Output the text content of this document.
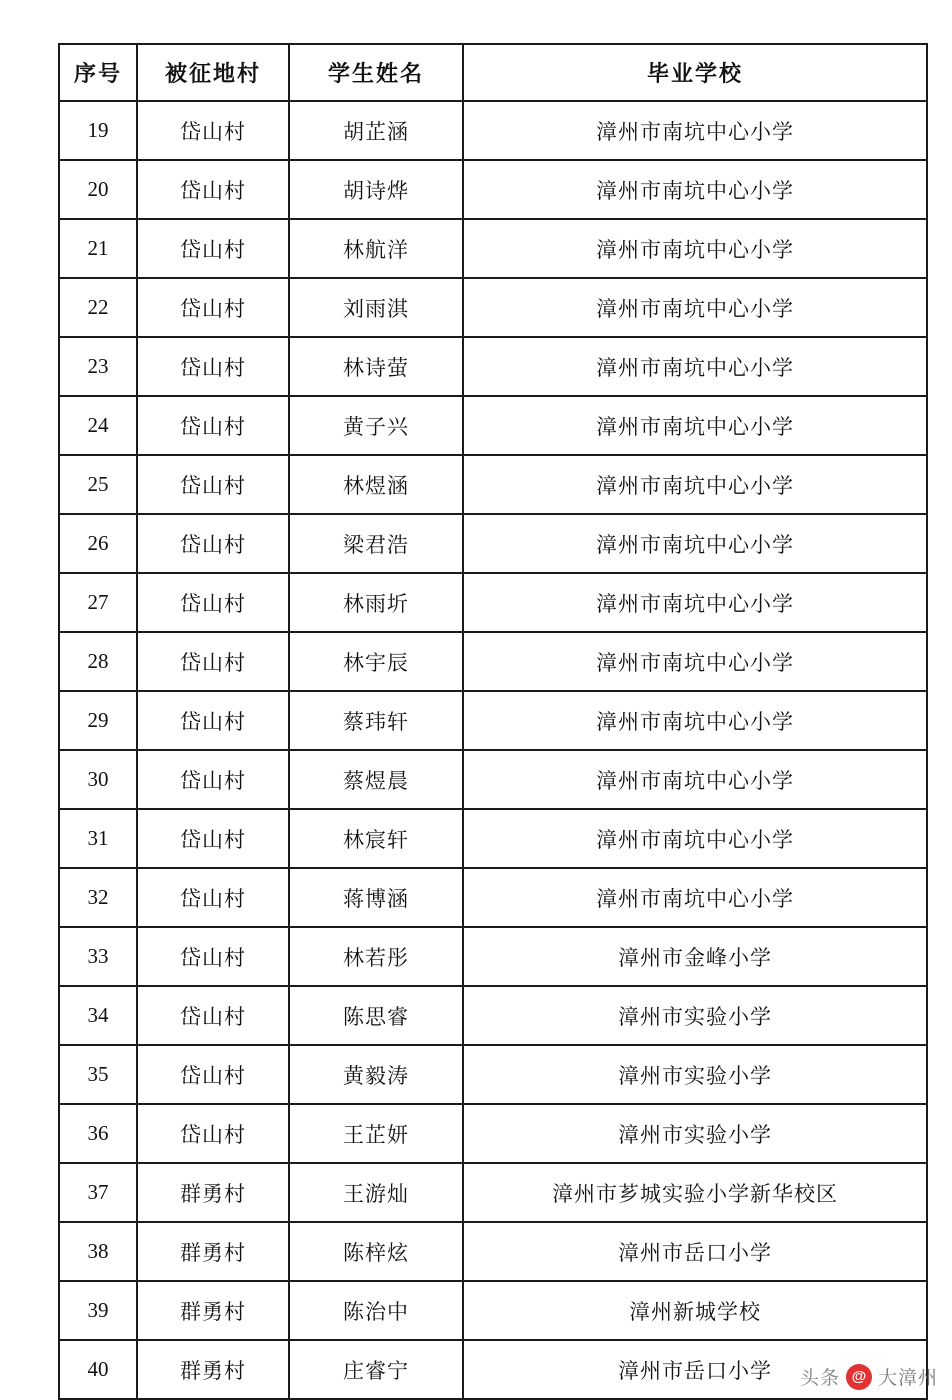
序号	被征地村	学生姓名	毕业学校
19	岱山村	胡芷涵	漳州市南坑中心小学
20	岱山村	胡诗烨	漳州市南坑中心小学
21	岱山村	林航洋	漳州市南坑中心小学
22	岱山村	刘雨淇	漳州市南坑中心小学
23	岱山村	林诗萤	漳州市南坑中心小学
24	岱山村	黄子兴	漳州市南坑中心小学
25	岱山村	林煜涵	漳州市南坑中心小学
26	岱山村	梁君浩	漳州市南坑中心小学
27	岱山村	林雨圻	漳州市南坑中心小学
28	岱山村	林宇辰	漳州市南坑中心小学
29	岱山村	蔡玮轩	漳州市南坑中心小学
30	岱山村	蔡煜晨	漳州市南坑中心小学
31	岱山村	林宸轩	漳州市南坑中心小学
32	岱山村	蒋博涵	漳州市南坑中心小学
33	岱山村	林若彤	漳州市金峰小学
34	岱山村	陈思睿	漳州市实验小学
35	岱山村	黄毅涛	漳州市实验小学
36	岱山村	王芷妍	漳州市实验小学
37	群勇村	王游灿	漳州市芗城实验小学新华校区
38	群勇村	陈梓炫	漳州市岳口小学
39	群勇村	陈治中	漳州新城学校
40	群勇村	庄睿宁	漳州市岳口小学 头条 @ 大漳州
